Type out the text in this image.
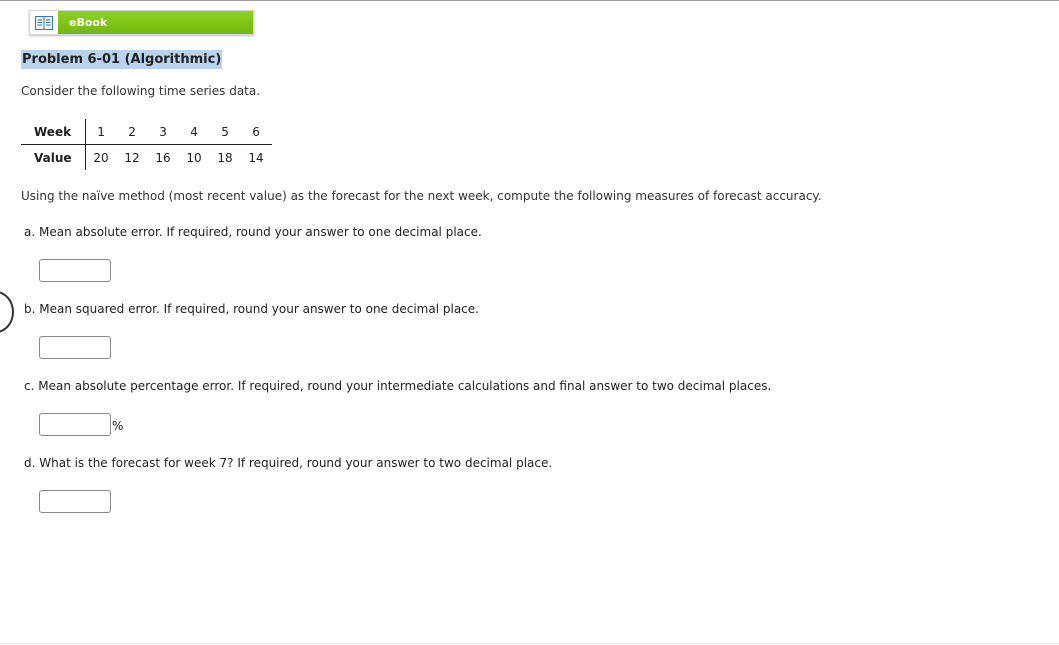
eBook
Problem 6-01 (Algorithmic)
Consider the following time series data.
Week	1	2	3	4	5	6
Value	20	12	16	10	18	14
Using the naïve method (most recent value) as the forecast for the next week, compute the following measures of forecast accuracy.
a. Mean absolute error. If required, round your answer to one decimal place.
b. Mean squared error. If required, round your answer to one decimal place.
c. Mean absolute percentage error. If required, round your intermediate calculations and final answer to two decimal places.
%
d. What is the forecast for week 7? If required, round your answer to two decimal place.
